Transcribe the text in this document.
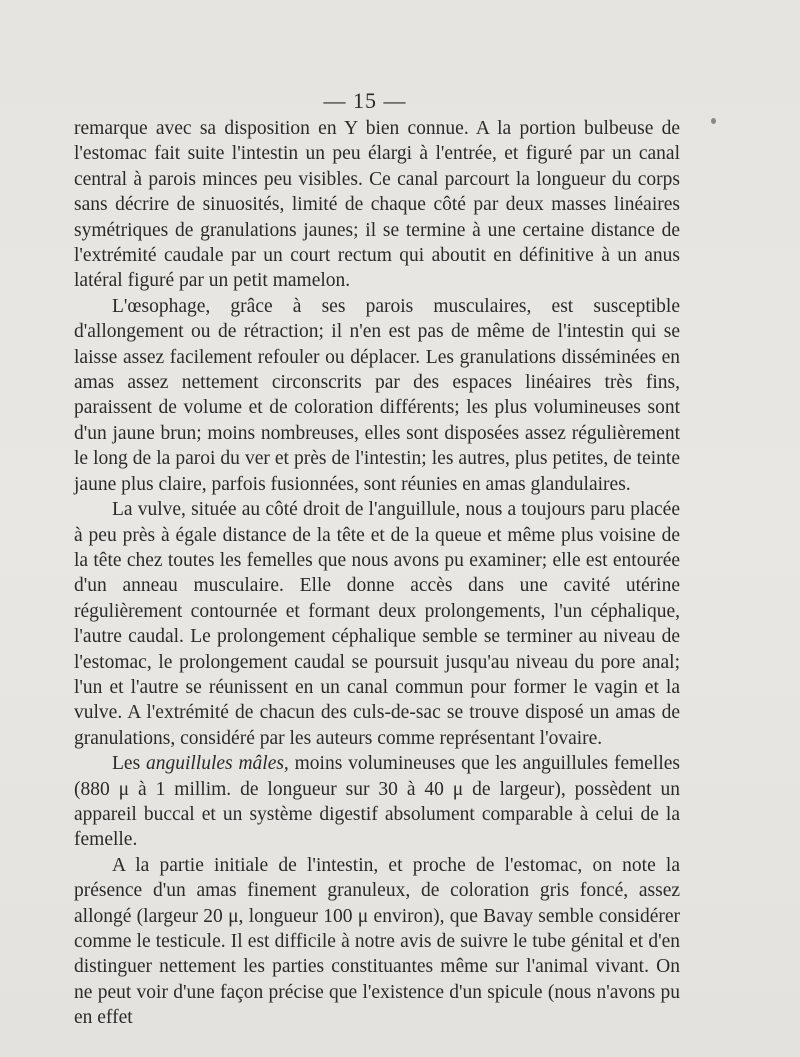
— 15 —

remarque avec sa disposition en Y bien connue. A la portion bulbeuse de l'estomac fait suite l'intestin un peu élargi à l'entrée, et figuré par un canal central à parois minces peu visibles. Ce canal parcourt la longueur du corps sans décrire de sinuosités, limité de chaque côté par deux masses linéaires symétriques de granulations jaunes; il se termine à une certaine distance de l'extrémité caudale par un court rectum qui aboutit en définitive à un anus latéral figuré par un petit mamelon.

L'œsophage, grâce à ses parois musculaires, est susceptible d'allongement ou de rétraction; il n'en est pas de même de l'intestin qui se laisse assez facilement refouler ou déplacer. Les granulations disséminées en amas assez nettement circonscrits par des espaces linéaires très fins, paraissent de volume et de coloration différents; les plus volumineuses sont d'un jaune brun; moins nombreuses, elles sont disposées assez régulièrement le long de la paroi du ver et près de l'intestin; les autres, plus petites, de teinte jaune plus claire, parfois fusionnées, sont réunies en amas glandulaires.

La vulve, située au côté droit de l'anguillule, nous a toujours paru placée à peu près à égale distance de la tête et de la queue et même plus voisine de la tête chez toutes les femelles que nous avons pu examiner; elle est entourée d'un anneau musculaire. Elle donne accès dans une cavité utérine régulièrement contournée et formant deux prolongements, l'un céphalique, l'autre caudal. Le prolongement céphalique semble se terminer au niveau de l'estomac, le prolongement caudal se poursuit jusqu'au niveau du pore anal; l'un et l'autre se réunissent en un canal commun pour former le vagin et la vulve. A l'extrémité de chacun des culs-de-sac se trouve disposé un amas de granulations, considéré par les auteurs comme représentant l'ovaire.

Les anguillules mâles, moins volumineuses que les anguillules femelles (880 μ à 1 millim. de longueur sur 30 à 40 μ de largeur), possèdent un appareil buccal et un système digestif absolument comparable à celui de la femelle.

A la partie initiale de l'intestin, et proche de l'estomac, on note la présence d'un amas finement granuleux, de coloration gris foncé, assez allongé (largeur 20 μ, longueur 100 μ environ), que Bavay semble considérer comme le testicule. Il est difficile à notre avis de suivre le tube génital et d'en distinguer nettement les parties constituantes même sur l'animal vivant. On ne peut voir d'une façon précise que l'existence d'un spicule (nous n'avons pu en effet
